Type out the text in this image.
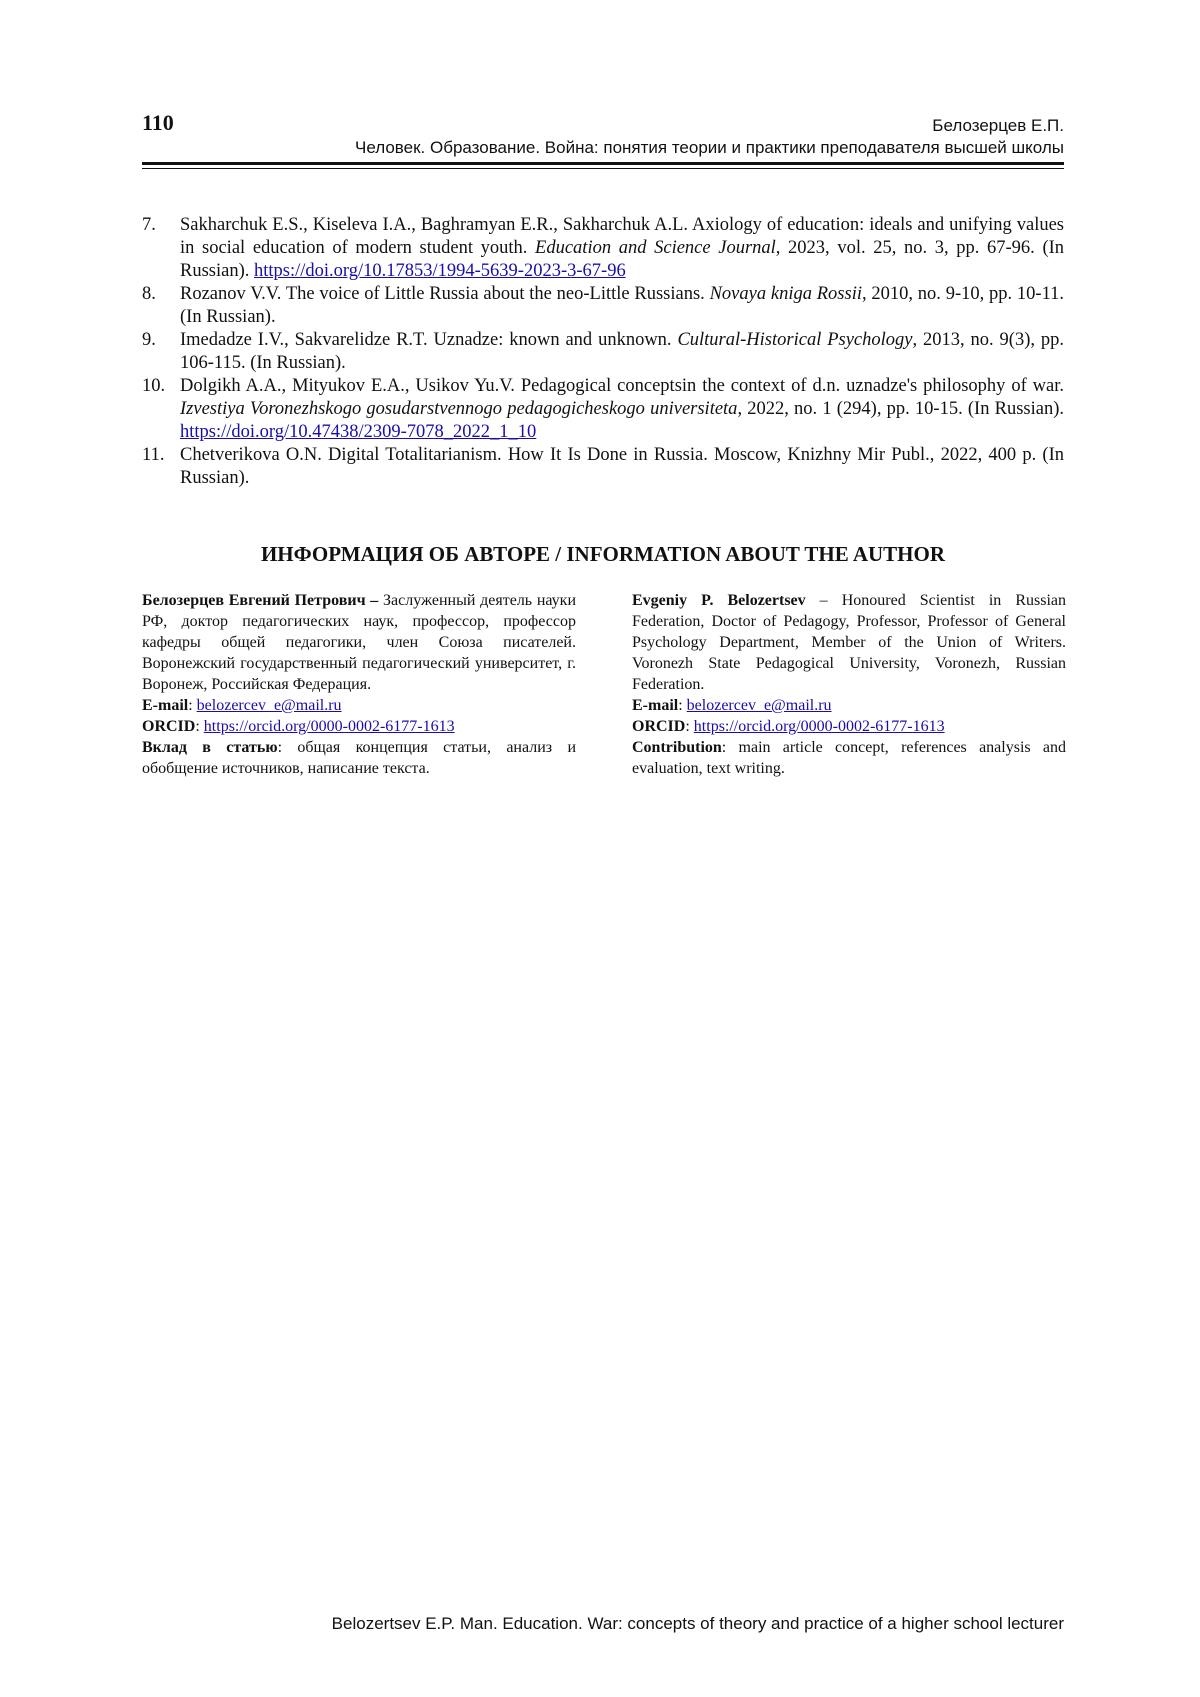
110	Белозерцев Е.П.
Человек. Образование. Война: понятия теории и практики преподавателя высшей школы
7.	Sakharchuk E.S., Kiseleva I.A., Baghramyan E.R., Sakharchuk A.L. Axiology of education: ideals and unifying values in social education of modern student youth. Education and Science Journal, 2023, vol. 25, no. 3, pp. 67-96. (In Russian). https://doi.org/10.17853/1994-5639-2023-3-67-96
8.	Rozanov V.V. The voice of Little Russia about the neo-Little Russians. Novaya kniga Rossii, 2010, no. 9-10, pp. 10-11. (In Russian).
9.	Imedadze I.V., Sakvarelidze R.T. Uznadze: known and unknown. Cultural-Historical Psychology, 2013, no. 9(3), pp. 106-115. (In Russian).
10. Dolgikh A.A., Mityukov E.A., Usikov Yu.V. Pedagogical conceptsin the context of d.n. uznadze's philosophy of war. Izvestiya Voronezhskogo gosudarstvennogo pedagogicheskogo universiteta, 2022, no. 1 (294), pp. 10-15. (In Russian). https://doi.org/10.47438/2309-7078_2022_1_10
11. Chetverikova O.N. Digital Totalitarianism. How It Is Done in Russia. Moscow, Knizhny Mir Publ., 2022, 400 p. (In Russian).
ИНФОРМАЦИЯ ОБ АВТОРЕ / INFORMATION ABOUT THE AUTHOR

Белозерцев Евгений Петрович – Заслуженный деятель науки РФ, доктор педагогических наук, профессор, профессор кафедры общей педагогики, член Союза писателей. Воронежский государственный педагогический университет, г. Воронеж, Российская Федерация.

E-mail: belozercev_e@mail.ru

ORCID: https://orcid.org/0000-0002-6177-1613

Вклад в статью: общая концепция статьи, анализ и обобщение источников, написание текста.

Evgeniy P. Belozertsev – Honoured Scientist in Russian Federation, Doctor of Pedagogy, Professor, Professor of General Psychology Department, Member of the Union of Writers. Voronezh State Pedagogical University, Voronezh, Russian Federation.

E-mail: belozercev_e@mail.ru

ORCID: https://orcid.org/0000-0002-6177-1613

Contribution: main article concept, references analysis and evaluation, text writing.

Belozertsev E.P. Man. Education. War: concepts of theory and practice of a higher school lecturer
